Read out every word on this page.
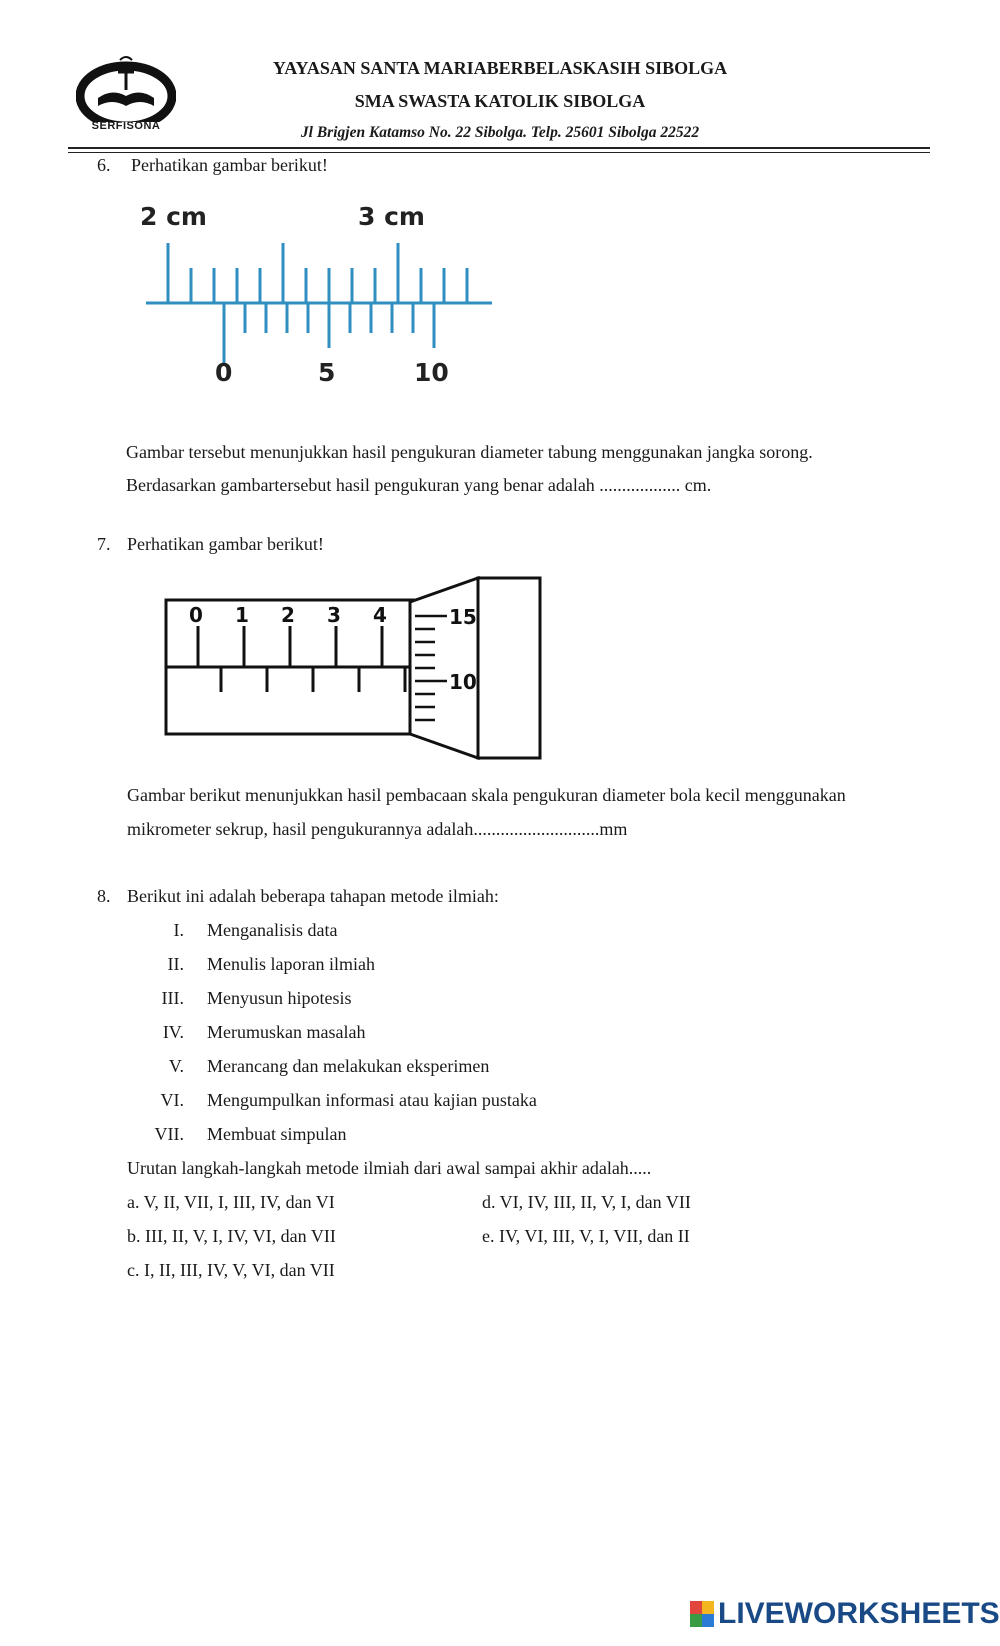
SERFISONA
YAYASAN SANTA MARIABERBELASKASIH SIBOLGA
SMA SWASTA KATOLIK SIBOLGA
Jl Brigjen Katamso No. 22 Sibolga. Telp. 25601 Sibolga 22522
6. Perhatikan gambar berikut!
2 cm	3 cm
0	5	10
Gambar tersebut menunjukkan hasil pengukuran diameter tabung menggunakan jangka sorong.
Berdasarkan gambartersebut hasil pengukuran yang benar adalah .................. cm.
7. Perhatikan gambar berikut!
0 1 2 3 4	15
10
Gambar berikut menunjukkan hasil pembacaan skala pengukuran diameter bola kecil menggunakan
mikrometer sekrup, hasil pengukurannya adalah............................mm
8. Berikut ini adalah beberapa tahapan metode ilmiah:
I. Menganalisis data
II. Menulis laporan ilmiah
III. Menyusun hipotesis
IV. Merumuskan masalah
V. Merancang dan melakukan eksperimen
VI. Mengumpulkan informasi atau kajian pustaka
VII. Membuat simpulan
Urutan langkah-langkah metode ilmiah dari awal sampai akhir adalah.....
a. V, II, VII, I, III, IV, dan VI
b. III, II, V, I, IV, VI, dan VII
c. I, II, III, IV, V, VI, dan VII
d. VI, IV, III, II, V, I, dan VII
e. IV, VI, III, V, I, VII, dan II
LIVEWORKSHEETS
